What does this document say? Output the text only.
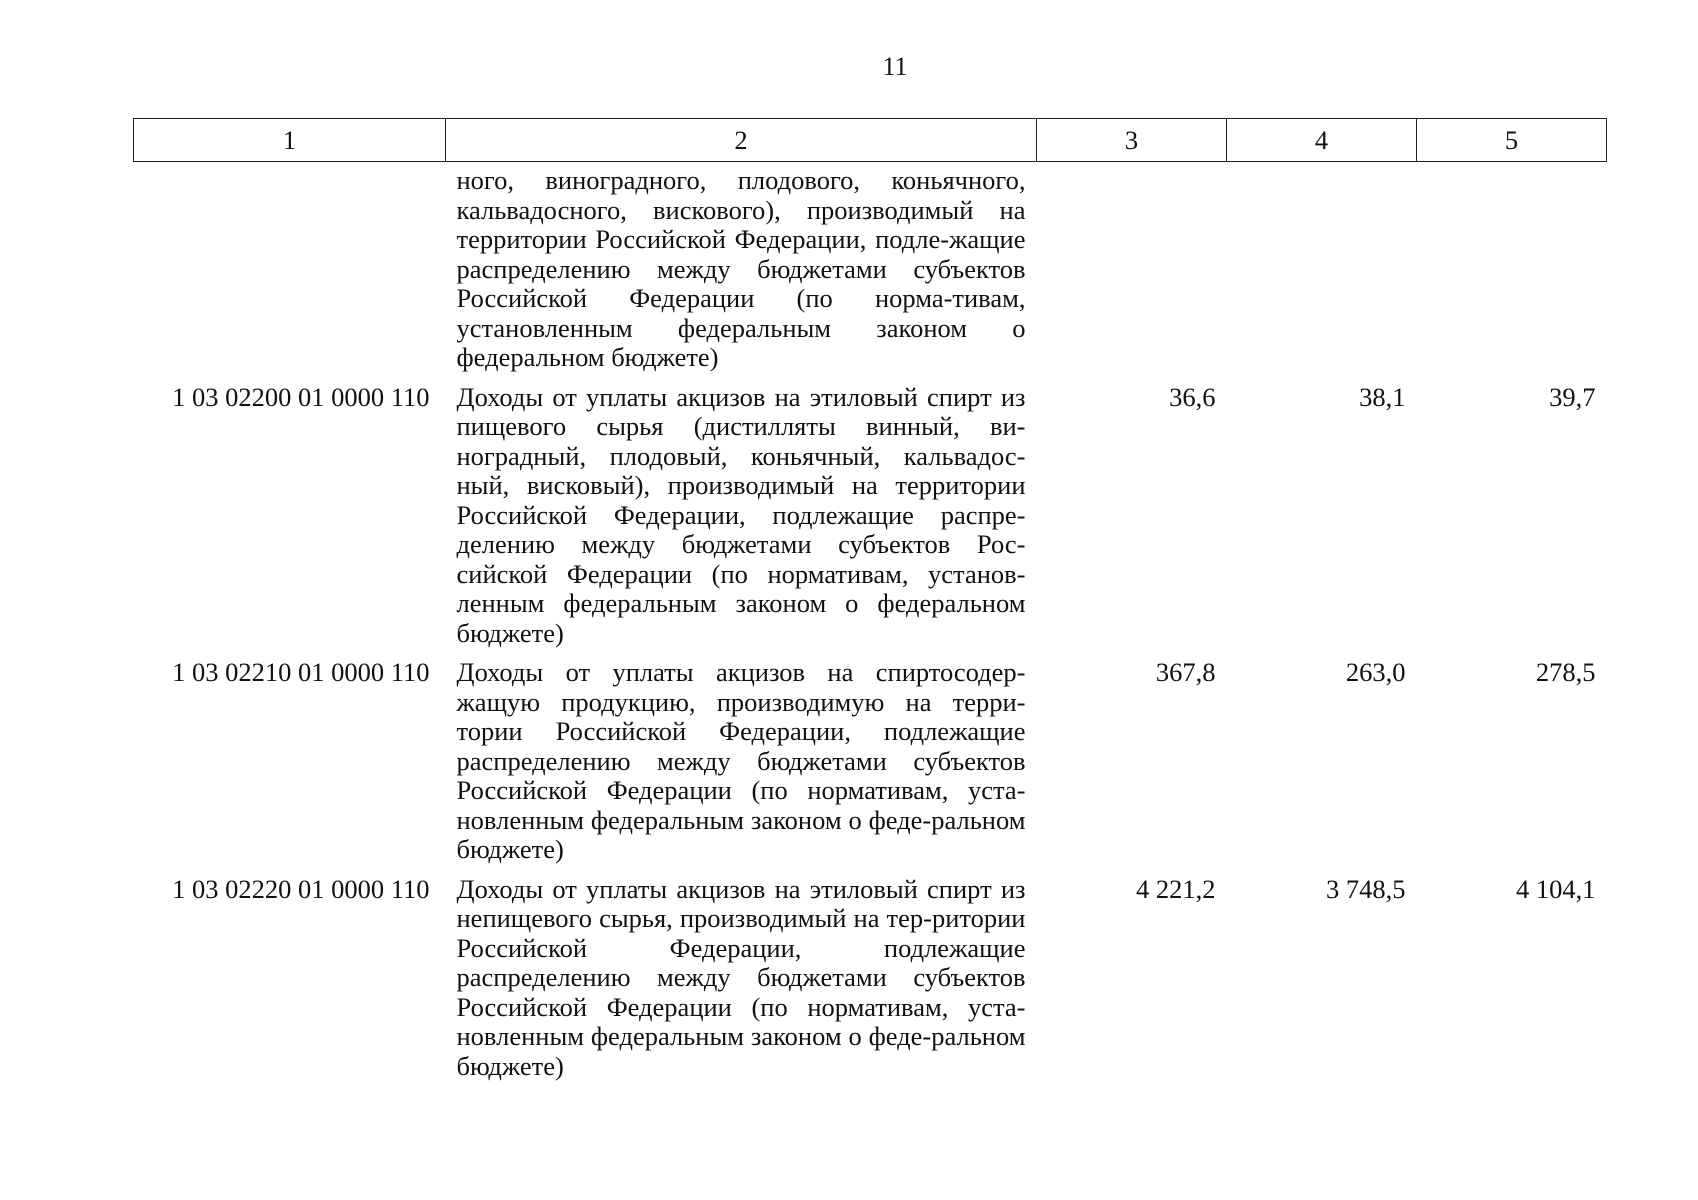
11
1	2	3	4	5
	ного, виноградного, плодового, коньячного, кальвадосного, вискового), производимый на территории Российской Федерации, подле-жащие распределению между бюджетами субъектов Российской Федерации (по норма-тивам, установленным федеральным законом о федеральном бюджете)			
1 03 02200 01 0000 110	Доходы от уплаты акцизов на этиловый спирт из пищевого сырья (дистилляты винный, ви-ноградный, плодовый, коньячный, кальвадос-ный, висковый), производимый на территории Российской Федерации, подлежащие распре-делению между бюджетами субъектов Рос-сийской Федерации (по нормативам, установ-ленным федеральным законом о федеральном бюджете)	36,6	38,1	39,7
1 03 02210 01 0000 110	Доходы от уплаты акцизов на спиртосодер-жащую продукцию, производимую на терри-тории Российской Федерации, подлежащие распределению между бюджетами субъектов Российской Федерации (по нормативам, уста-новленным федеральным законом о феде-ральном бюджете)	367,8	263,0	278,5
1 03 02220 01 0000 110	Доходы от уплаты акцизов на этиловый спирт из непищевого сырья, производимый на тер-ритории Российской Федерации, подлежащие распределению между бюджетами субъектов Российской Федерации (по нормативам, уста-новленным федеральным законом о феде-ральном бюджете)	4 221,2	3 748,5	4 104,1
